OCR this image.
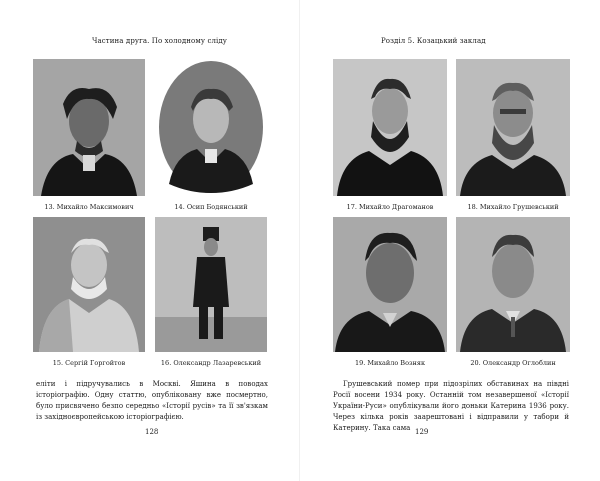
Частина друга. По холодному сліду
13. Михайло Максимович	14. Осип Бодянський
15. Сергій Горгойтов	16. Олександр Лазаревський

еліти і підручувались в Москві. Яшина в поводах історіографію. Одну статтю, опубліковану вже посмертно, було присвячено безпо середньо «Історії русів» та її зв'язкам із західноєвропейською історіографією.

128
Розділ 5. Козацький заклад
17. Михайло Драгоманов	18. Михайло Грушевський
19. Михайло Возняк	20. Олександр Оглоблин

Грушевський помер при підозрілих обставинах на півдні Росії восени 1934 року. Останній том незавершеної «Історії України-Руси» опублікували його доньки Катерина 1936 року. Через кілька років заарештовані і відправили у табори й Катерину. Така сама 129
